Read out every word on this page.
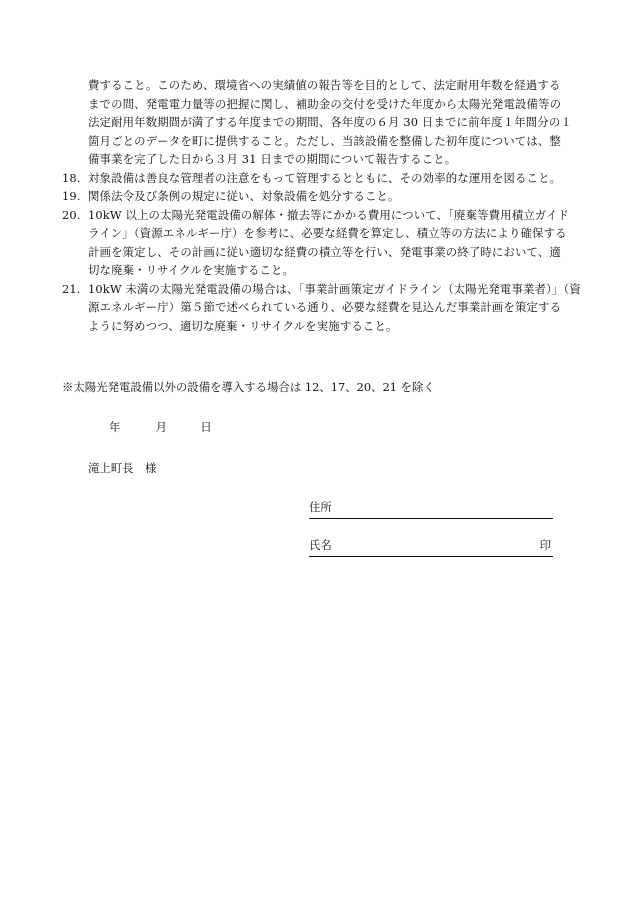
費すること。このため、環境省への実績値の報告等を目的として、法定耐用年数を経過する
までの間、発電電力量等の把握に関し、補助金の交付を受けた年度から太陽光発電設備等の
法定耐用年数期間が満了する年度までの期間、各年度の６月 30 日までに前年度１年間分の１
箇月ごとのデータを町に提供すること。ただし、当該設備を整備した初年度については、整
備事業を完了した日から３月 31 日までの期間について報告すること。
18. 対象設備は善良な管理者の注意をもって管理するとともに、その効率的な運用を図ること。
19. 関係法令及び条例の規定に従い、対象設備を処分すること。
20. 10kW 以上の太陽光発電設備の解体・撤去等にかかる費用について、「廃棄等費用積立ガイド
ライン」（資源エネルギー庁）を参考に、必要な経費を算定し、積立等の方法により確保する
計画を策定し、その計画に従い適切な経費の積立等を行い、発電事業の終了時において、適
切な廃棄・リサイクルを実施すること。
21. 10kW 未満の太陽光発電設備の場合は、「事業計画策定ガイドライン（太陽光発電事業者）」（資
源エネルギー庁）第５節で述べられている通り、必要な経費を見込んだ事業計画を策定する
ように努めつつ、適切な廃棄・リサイクルを実施すること。
※太陽光発電設備以外の設備を導入する場合は 12、17、20、21 を除く
年	月	日
滝上町長　様
住所
氏名	印
